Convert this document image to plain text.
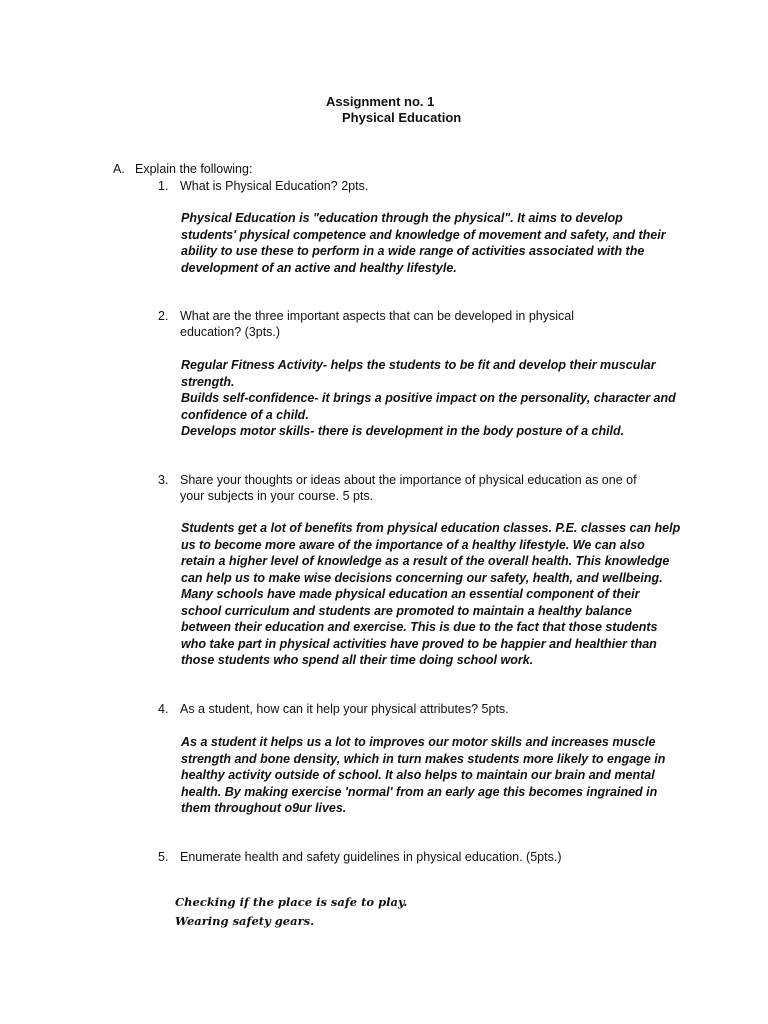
Assignment no. 1
Physical Education
A. Explain the following:
1. What is Physical Education? 2pts.

Physical Education is "education through the physical". It aims to develop students' physical competence and knowledge of movement and safety, and their ability to use these to perform in a wide range of activities associated with the development of an active and healthy lifestyle.

2. What are the three important aspects that can be developed in physical education? (3pts.)

Regular Fitness Activity- helps the students to be fit and develop their muscular strength.

Builds self-confidence- it brings a positive impact on the personality, character and confidence of a child.

Develops motor skills- there is development in the body posture of a child.

3. Share your thoughts or ideas about the importance of physical education as one of your subjects in your course. 5 pts.

Students get a lot of benefits from physical education classes. P.E. classes can help us to become more aware of the importance of a healthy lifestyle. We can also retain a higher level of knowledge as a result of the overall health. This knowledge can help us to make wise decisions concerning our safety, health, and wellbeing. Many schools have made physical education an essential component of their school curriculum and students are promoted to maintain a healthy balance between their education and exercise. This is due to the fact that those students who take part in physical activities have proved to be happier and healthier than those students who spend all their time doing school work.

4. As a student, how can it help your physical attributes? 5pts.

As a student it helps us a lot to improves our motor skills and increases muscle strength and bone density, which in turn makes students more likely to engage in healthy activity outside of school. It also helps to maintain our brain and mental health. By making exercise 'normal' from an early age this becomes ingrained in them throughout o9ur lives.

5. Enumerate health and safety guidelines in physical education. (5pts.)

Checking if the place is safe to play.

Wearing safety gears.
